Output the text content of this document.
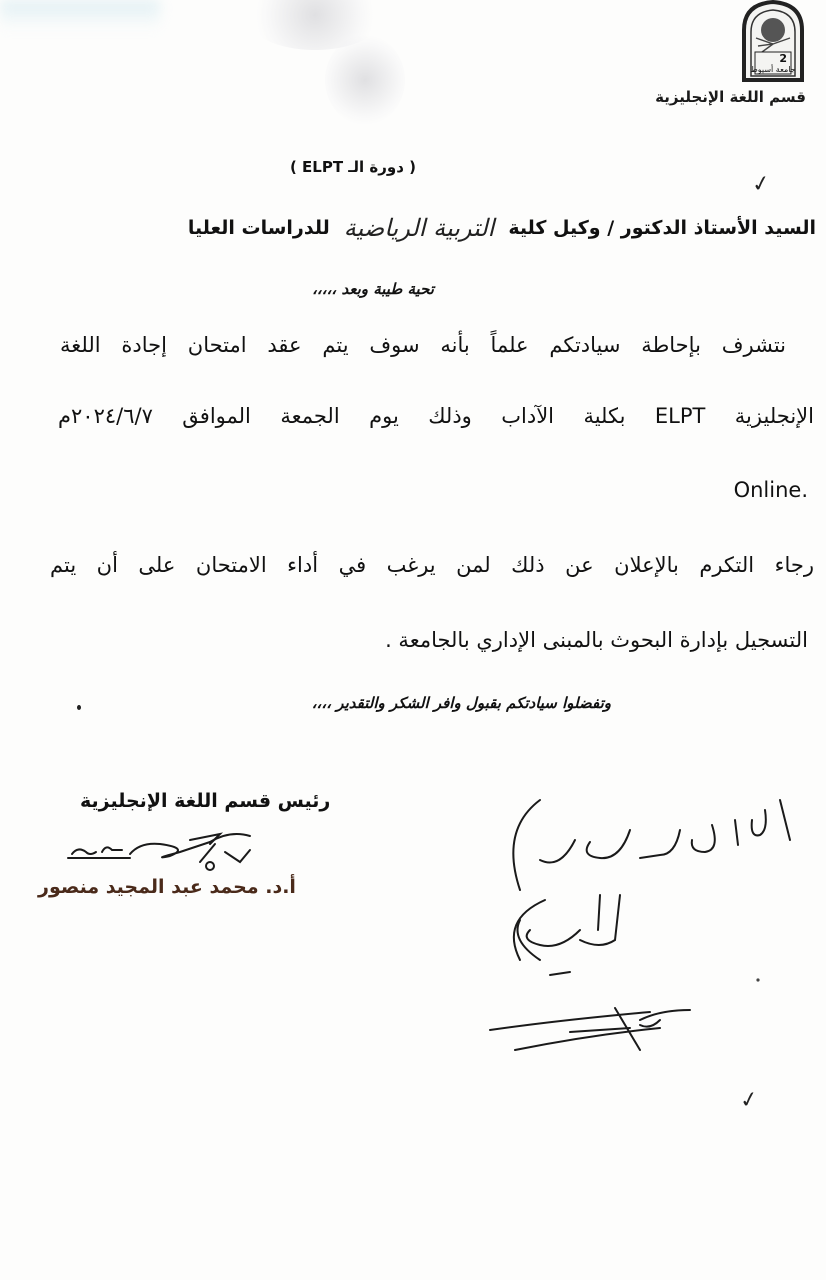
2
جامعة أسيوط
قسم اللغة الإنجليزية
( دورة الـ ELPT )
✓
السيد الأستاذ الدكتور / وكيل كلية
التربية الرياضية
للدراسات العليا
تحية طيبة وبعد ،،،،،
نتشرف بإحاطة سيادتكم علماً بأنه سوف يتم عقد امتحان إجادة اللغة
الإنجليزية ELPT بكلية الآداب وذلك يوم الجمعة الموافق ٢٠٢٤/٦/٧م
.Online
رجاء التكرم بالإعلان عن ذلك لمن يرغب في أداء الامتحان على أن يتم
التسجيل بإدارة البحوث بالمبنى الإداري بالجامعة .
وتفضلوا سيادتكم بقبول وافر الشكر والتقدير ،،،،
رئيس قسم اللغة الإنجليزية
أ.د. محمد عبد المجيد منصور
✓
